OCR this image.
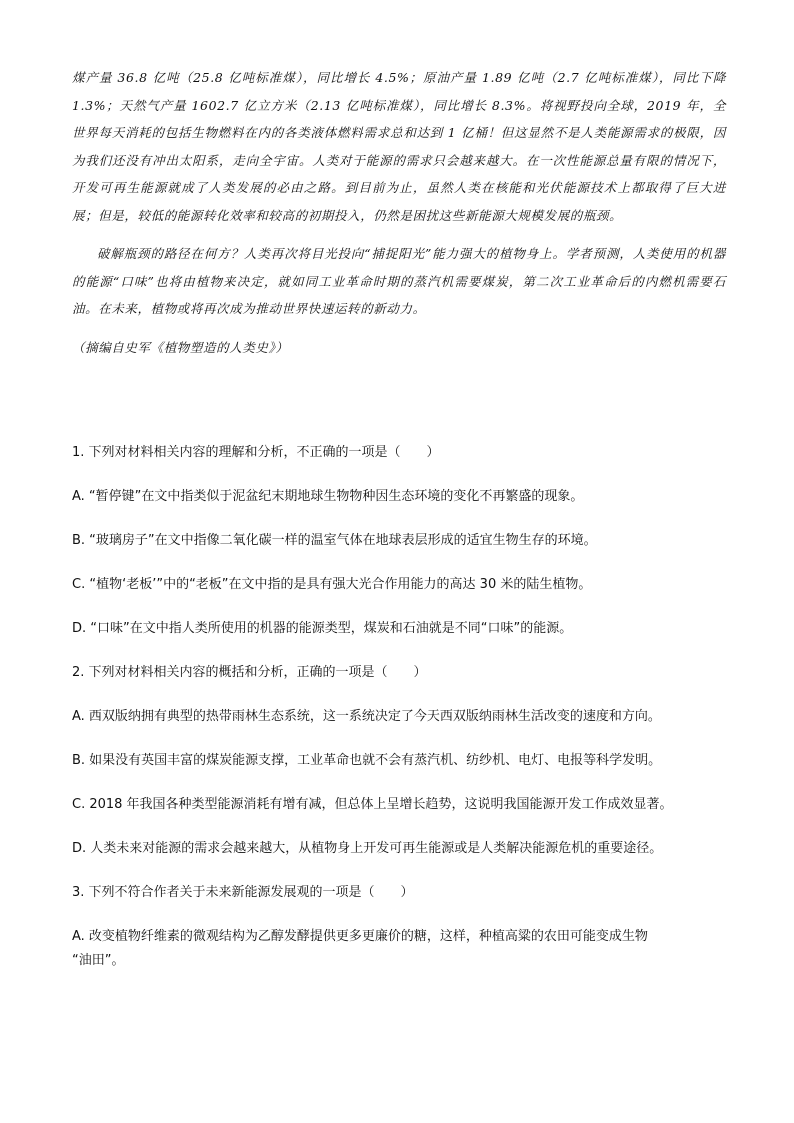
煤产量 36.8 亿吨（25.8 亿吨标准煤），同比增长 4.5%；原油产量 1.89 亿吨（2.7 亿吨标准煤），同比下降 1.3%；天然气产量 1602.7 亿立方米（2.13 亿吨标准煤），同比增长 8.3%。将视野投向全球，2019 年，全世界每天消耗的包括生物燃料在内的各类液体燃料需求总和达到 1 亿桶！但这显然不是人类能源需求的极限，因为我们还没有冲出太阳系，走向全宇宙。人类对于能源的需求只会越来越大。在一次性能源总量有限的情况下，开发可再生能源就成了人类发展的必由之路。到目前为止，虽然人类在核能和光伏能源技术上都取得了巨大进展；但是，较低的能源转化效率和较高的初期投入，仍然是困扰这些新能源大规模发展的瓶颈。

破解瓶颈的路径在何方？人类再次将目光投向“捕捉阳光”能力强大的植物身上。学者预测，人类使用的机器的能源“口味”也将由植物来决定，就如同工业革命时期的蒸汽机需要煤炭，第二次工业革命后的内燃机需要石油。在未来，植物或将再次成为推动世界快速运转的新动力。

（摘编自史军《植物塑造的人类史》）

1. 下列对材料相关内容的理解和分析，不正确的一项是（　　）

A. “暂停键”在文中指类似于泥盆纪末期地球生物物种因生态环境的变化不再繁盛的现象。

B. “玻璃房子”在文中指像二氧化碳一样的温室气体在地球表层形成的适宜生物生存的环境。

C. “植物‘老板’”中的“老板”在文中指的是具有强大光合作用能力的高达 30 米的陆生植物。

D. “口味”在文中指人类所使用的机器的能源类型，煤炭和石油就是不同“口味”的能源。

2. 下列对材料相关内容的概括和分析，正确的一项是（　　）

A. 西双版纳拥有典型的热带雨林生态系统，这一系统决定了今天西双版纳雨林生活改变的速度和方向。

B. 如果没有英国丰富的煤炭能源支撑，工业革命也就不会有蒸汽机、纺纱机、电灯、电报等科学发明。

C. 2018 年我国各种类型能源消耗有增有减，但总体上呈增长趋势，这说明我国能源开发工作成效显著。

D. 人类未来对能源的需求会越来越大，从植物身上开发可再生能源或是人类解决能源危机的重要途径。

3. 下列不符合作者关于未来新能源发展观的一项是（　　）

A. 改变植物纤维素的微观结构为乙醇发酵提供更多更廉价的糖，这样，种植高粱的农田可能变成生物

“油田”。
